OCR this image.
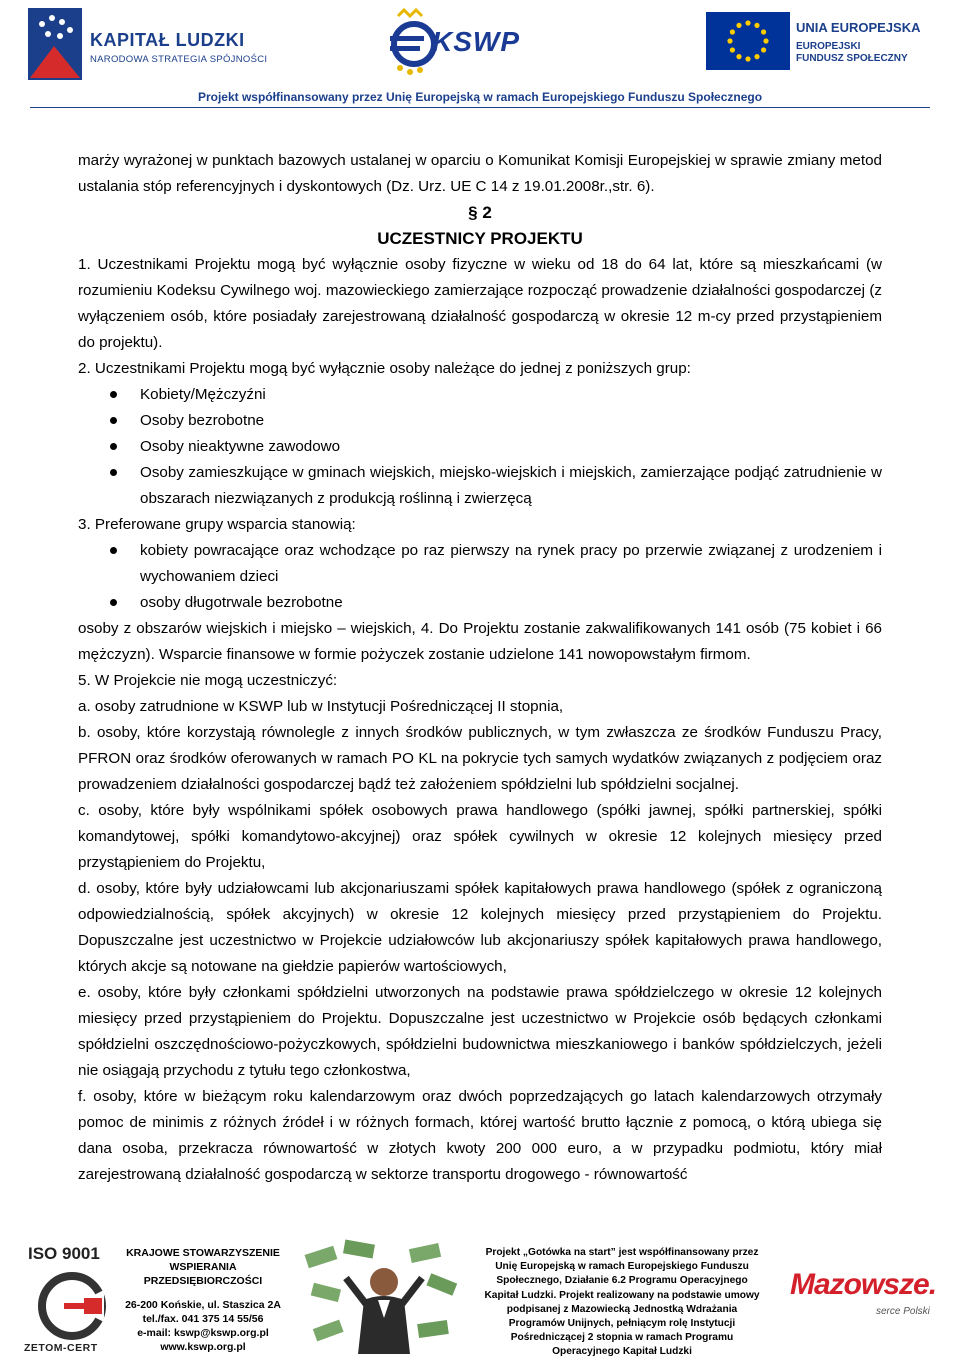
KAPITAŁ LUDZKI
NARODOWA STRATEGIA SPÓJNOŚCI
KSWP	UNIA EUROPEJSKA
EUROPEJSKI
FUNDUSZ SPOŁECZNY
Projekt współfinansowany przez Unię Europejską w ramach Europejskiego Funduszu Społecznego

marży wyrażonej w punktach bazowych ustalanej w oparciu o Komunikat Komisji Europejskiej w sprawie zmiany metod ustalania stóp referencyjnych i dyskontowych (Dz. Urz. UE C 14 z 19.01.2008r.,str. 6).

§ 2

UCZESTNICY PROJEKTU

1. Uczestnikami Projektu mogą być wyłącznie osoby fizyczne w wieku od 18 do 64 lat, które są mieszkańcami (w rozumieniu Kodeksu Cywilnego woj. mazowieckiego zamierzające rozpocząć prowadzenie działalności gospodarczej (z wyłączeniem osób, które posiadały zarejestrowaną działalność gospodarczą w okresie 12 m-cy przed przystąpieniem do projektu).

2. Uczestnikami Projektu mogą być wyłącznie osoby należące do jednej z poniższych grup:

Kobiety/Mężczyźni
Osoby bezrobotne
Osoby nieaktywne zawodowo
Osoby zamieszkujące w gminach wiejskich, miejsko-wiejskich i miejskich, zamierzające podjąć zatrudnienie w obszarach niezwiązanych z produkcją roślinną i zwierzęcą

3. Preferowane grupy wsparcia stanowią:

kobiety powracające oraz wchodzące po raz pierwszy na rynek pracy po przerwie związanej z urodzeniem i wychowaniem dzieci
osoby długotrwale bezrobotne

osoby z obszarów wiejskich i miejsko – wiejskich, 4. Do Projektu zostanie zakwalifikowanych 141 osób (75 kobiet i 66 mężczyzn). Wsparcie finansowe w formie pożyczek zostanie udzielone 141 nowopowstałym firmom.

5. W Projekcie nie mogą uczestniczyć:

a. osoby zatrudnione w KSWP lub w Instytucji Pośredniczącej II stopnia,

b. osoby, które korzystają równolegle z innych środków publicznych, w tym zwłaszcza ze środków Funduszu Pracy, PFRON oraz środków oferowanych w ramach PO KL na pokrycie tych samych wydatków związanych z podjęciem oraz prowadzeniem działalności gospodarczej bądź też założeniem spółdzielni lub spółdzielni socjalnej.

c. osoby, które były wspólnikami spółek osobowych prawa handlowego (spółki jawnej, spółki partnerskiej, spółki komandytowej, spółki komandytowo-akcyjnej) oraz spółek cywilnych w okresie 12 kolejnych miesięcy przed przystąpieniem do Projektu,

d. osoby, które były udziałowcami lub akcjonariuszami spółek kapitałowych prawa handlowego (spółek z ograniczoną odpowiedzialnością, spółek akcyjnych) w okresie 12 kolejnych miesięcy przed przystąpieniem do Projektu. Dopuszczalne jest uczestnictwo w Projekcie udziałowców lub akcjonariuszy spółek kapitałowych prawa handlowego, których akcje są notowane na giełdzie papierów wartościowych,

e. osoby, które były członkami spółdzielni utworzonych na podstawie prawa spółdzielczego w okresie 12 kolejnych miesięcy przed przystąpieniem do Projektu. Dopuszczalne jest uczestnictwo w Projekcie osób będących członkami spółdzielni oszczędnościowo-pożyczkowych, spółdzielni budownictwa mieszkaniowego i banków spółdzielczych, jeżeli nie osiągają przychodu z tytułu tego członkostwa,

f. osoby, które w bieżącym roku kalendarzowym oraz dwóch poprzedzających go latach kalendarzowych otrzymały pomoc de minimis z różnych źródeł i w różnych formach, której wartość brutto łącznie z pomocą, o którą ubiega się dana osoba, przekracza równowartość w złotych kwoty 200 000 euro, a w przypadku podmiotu, który miał zarejestrowaną działalność gospodarczą w sektorze transportu drogowego - równowartość

ISO 9001
ZETOM-CERT
KRAJOWE STOWARZYSZENIE
WSPIERANIA
PRZEDSIĘBIORCZOŚCI
26-200 Końskie, ul. Staszica 2A
tel./fax. 041 375 14 55/56
e-mail: kswp@kswp.org.pl
www.kswp.org.pl
Projekt „Gotówka na start” jest współfinansowany przez
Unię Europejską w ramach Europejskiego Funduszu
Społecznego, Działanie 6.2 Programu Operacyjnego
Kapitał Ludzki. Projekt realizowany na podstawie umowy
podpisanej z Mazowiecką Jednostką Wdrażania
Programów Unijnych, pełniącym rolę Instytucji
Pośredniczącej 2 stopnia w ramach Programu
Operacyjnego Kapitał Ludzki
Mazowsze.
serce Polski
